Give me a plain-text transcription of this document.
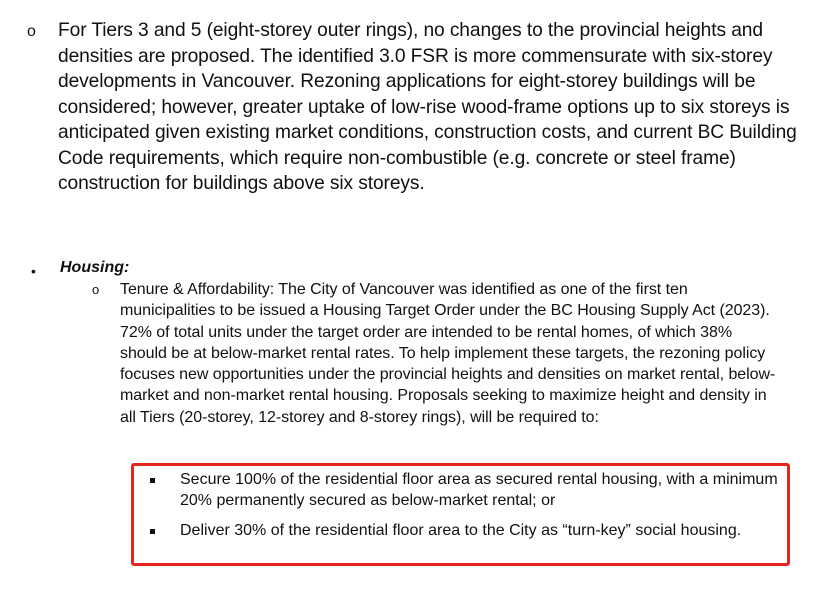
o For Tiers 3 and 5 (eight-storey outer rings), no changes to the provincial heights and densities are proposed. The identified 3.0 FSR is more commensurate with six-storey developments in Vancouver. Rezoning applications for eight-storey buildings will be considered; however, greater uptake of low-rise wood-frame options up to six storeys is anticipated given existing market conditions, construction costs, and current BC Building Code requirements, which require non-combustible (e.g. concrete or steel frame) construction for buildings above six storeys.
• Housing:
o Tenure & Affordability: The City of Vancouver was identified as one of the first ten municipalities to be issued a Housing Target Order under the BC Housing Supply Act (2023). 72% of total units under the target order are intended to be rental homes, of which 38% should be at below-market rental rates. To help implement these targets, the rezoning policy focuses new opportunities under the provincial heights and densities on market rental, below-market and non-market rental housing. Proposals seeking to maximize height and density in all Tiers (20-storey, 12-storey and 8-storey rings), will be required to:
Secure 100% of the residential floor area as secured rental housing, with a minimum 20% permanently secured as below-market rental; or
Deliver 30% of the residential floor area to the City as “turn-key” social housing.
